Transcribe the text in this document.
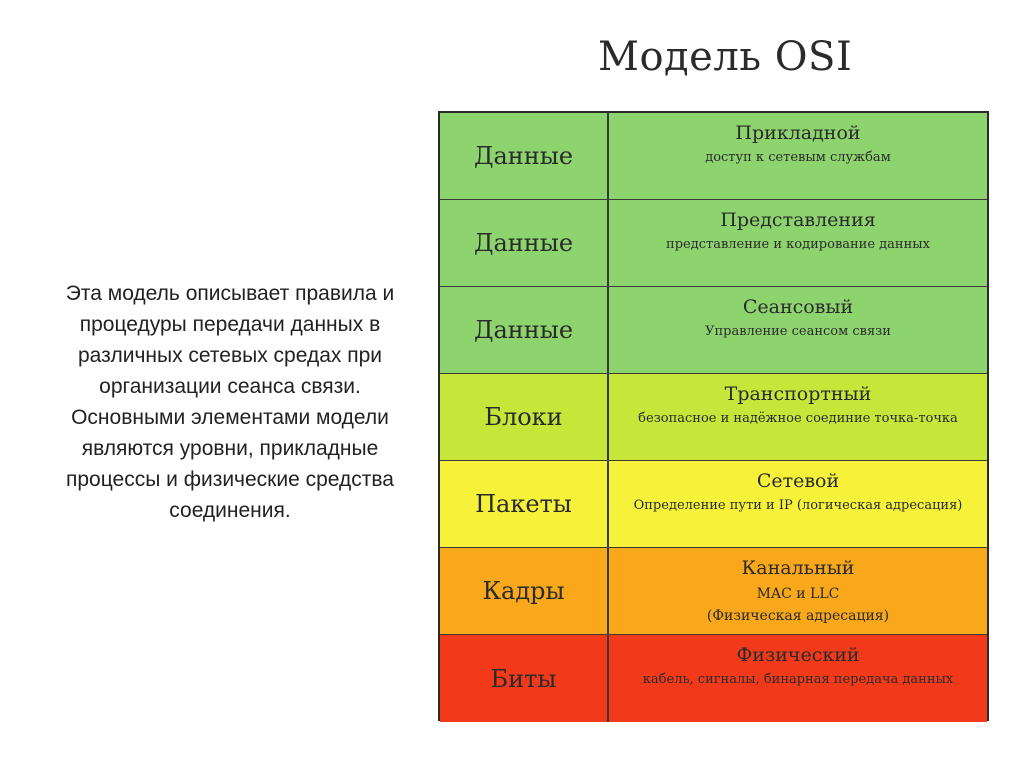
Модель OSI
Эта модель описывает правила и процедуры передачи данных в различных сетевых средах при организации сеанса связи. Основными элементами модели являются уровни, прикладные процессы и физические средства соединения.
Данные
Прикладной
доступ к сетевым службам
Данные
Представления
представление и кодирование данных
Данные
Сеансовый
Управление сеансом связи
Блоки
Транспортный
безопасное и надёжное соединие точка-точка
Пакеты
Сетевой
Определение пути и IP (логическая адресация)
Кадры
Канальный
MAC и LLC
(Физическая адресация)
Биты
Физический
кабель, сигналы, бинарная передача данных
